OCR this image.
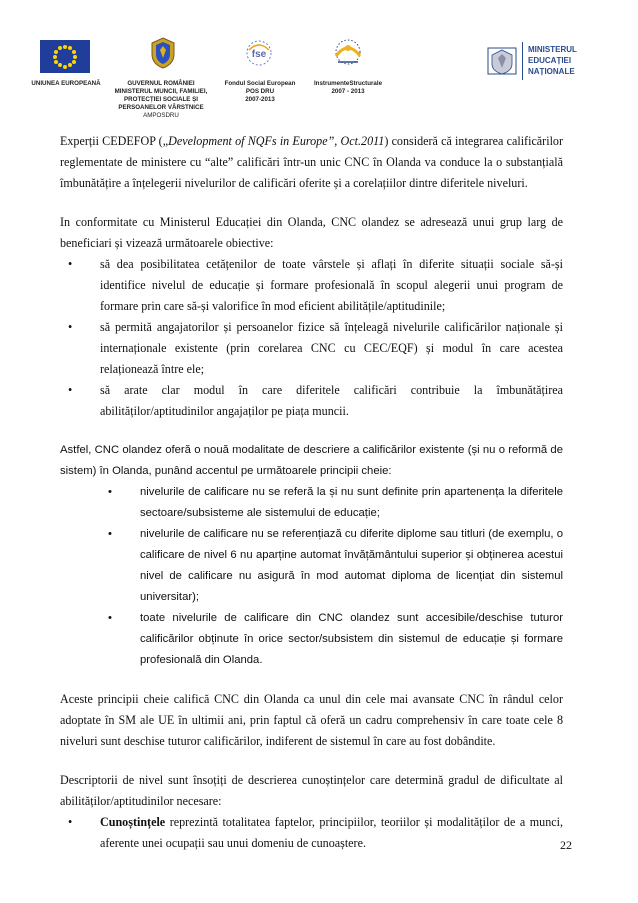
fse	MINISTERUL
EDUCAȚIEI
NAȚIONALE
UNIUNEA EUROPEANĂ	GUVERNUL ROMÂNIEI
MINISTERUL MUNCII, FAMILIEI,
PROTECȚIEI SOCIALE ȘI
PERSOANELOR VÂRSTNICE
AMPOSDRU
Fondul Social European
POS DRU
2007-2013
InstrumenteStructurale
2007 - 2013

Experții CEDEFOP („Development of NQFs in Europe”, Oct.2011) consideră că integrarea calificărilor reglementate de ministere cu “alte” calificări într-un unic CNC în Olanda va conduce la o substanțială îmbunătățire a înțelegerii nivelurilor de calificări oferite și a corelațiilor dintre diferitele niveluri.

In conformitate cu Ministerul Educației din Olanda, CNC olandez se adresează unui grup larg de beneficiari și vizează următoarele obiective:

• să dea posibilitatea cetățenilor de toate vârstele și aflați în diferite situații sociale să-și identifice nivelul de educație și formare profesională în scopul alegerii unui program de formare prin care să-și valorifice în mod eficient abilitățile/aptitudinile;
• să permită angajatorilor și persoanelor fizice să înțeleagă nivelurile calificărilor naționale și internaționale existente (prin corelarea CNC cu CEC/EQF) și modul în care acestea relaționează între ele;
• să arate clar modul în care diferitele calificări contribuie la îmbunătățirea abilităților/aptitudinilor angajaților pe piața muncii.

Astfel, CNC olandez oferă o nouă modalitate de descriere a calificărilor existente (și nu o reformă de sistem) în Olanda, punând accentul pe următoarele principii cheie:

• nivelurile de calificare nu se referă la și nu sunt definite prin apartenența la diferitele sectoare/subsisteme ale sistemului de educație;
• nivelurile de calificare nu se referențiază cu diferite diplome sau titluri (de exemplu, o calificare de nivel 6 nu aparține automat învățământului superior și obținerea acestui nivel de calificare nu asigură în mod automat diploma de licențiat din sistemul universitar);
• toate nivelurile de calificare din CNC olandez sunt accesibile/deschise tuturor calificărilor obținute în orice sector/subsistem din sistemul de educație și formare profesională din Olanda.

Aceste principii cheie califică CNC din Olanda ca unul din cele mai avansate CNC în rândul celor adoptate în SM ale UE în ultimii ani, prin faptul că oferă un cadru comprehensiv în care toate cele 8 niveluri sunt deschise tuturor calificărilor, indiferent de sistemul în care au fost dobândite.

Descriptorii de nivel sunt însoțiți de descrierea cunoștințelor care determină gradul de dificultate al abilităților/aptitudinilor necesare:

• Cunoștințele reprezintă totalitatea faptelor, principiilor, teoriilor și modalităților de a munci, aferente unei ocupații sau unui domeniu de cunoaștere.	22
